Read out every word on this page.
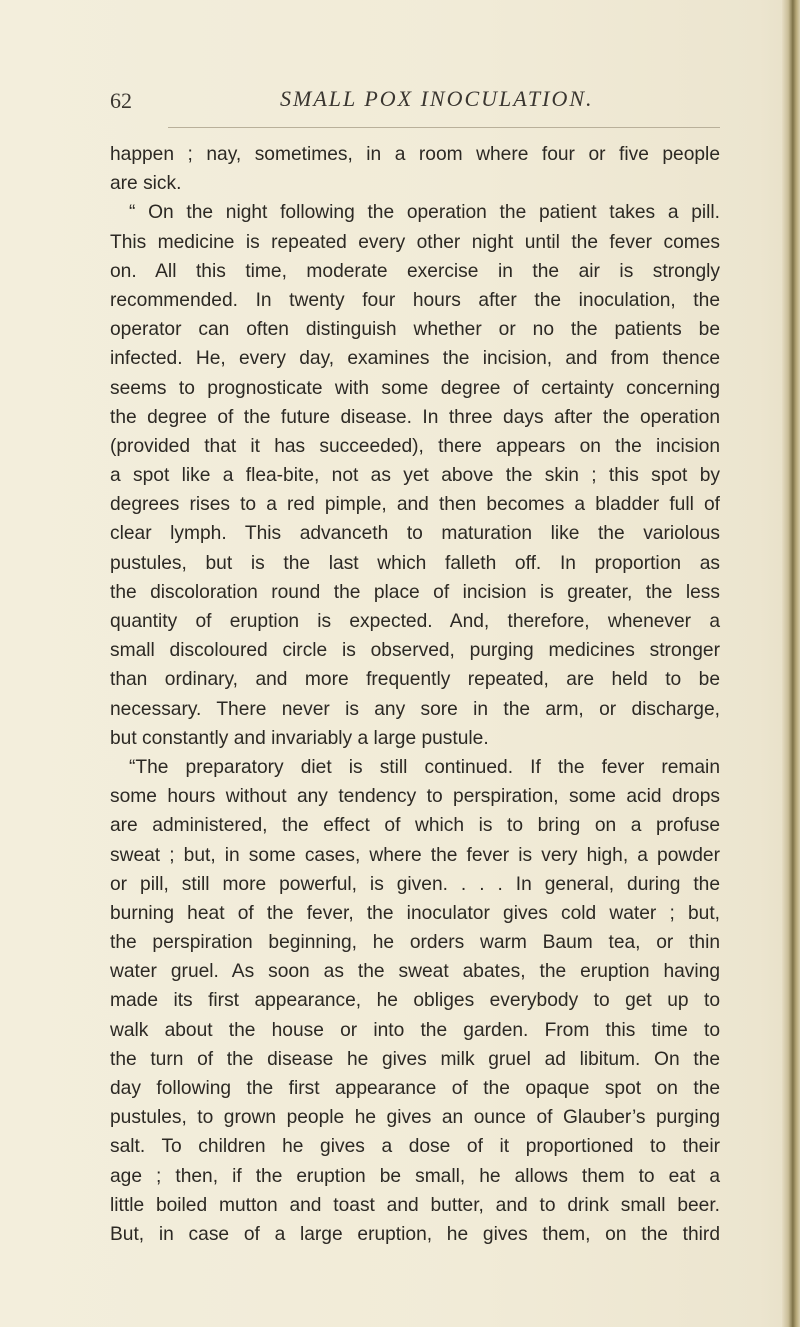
62	SMALL POX INOCULATION.
happen ; nay, sometimes, in a room where four or five people
are sick.
“ On the night following the operation the patient takes a pill.
This medicine is repeated every other night until the fever comes
on. All this time, moderate exercise in the air is strongly
recommended. In twenty four hours after the inoculation, the
operator can often distinguish whether or no the patients be
infected. He, every day, examines the incision, and from thence
seems to prognosticate with some degree of certainty concerning
the degree of the future disease. In three days after the operation
(provided that it has succeeded), there appears on the incision
a spot like a flea-bite, not as yet above the skin ; this spot by
degrees rises to a red pimple, and then becomes a bladder full of
clear lymph. This advanceth to maturation like the variolous
pustules, but is the last which falleth off. In proportion as
the discoloration round the place of incision is greater, the less
quantity of eruption is expected. And, therefore, whenever a
small discoloured circle is observed, purging medicines stronger
than ordinary, and more frequently repeated, are held to be
necessary. There never is any sore in the arm, or discharge,
but constantly and invariably a large pustule.
“The preparatory diet is still continued. If the fever remain
some hours without any tendency to perspiration, some acid drops
are administered, the effect of which is to bring on a profuse
sweat ; but, in some cases, where the fever is very high, a powder
or pill, still more powerful, is given. . . . In general, during the
burning heat of the fever, the inoculator gives cold water ; but,
the perspiration beginning, he orders warm Baum tea, or thin
water gruel. As soon as the sweat abates, the eruption having
made its first appearance, he obliges everybody to get up to
walk about the house or into the garden. From this time to
the turn of the disease he gives milk gruel ad libitum. On the
day following the first appearance of the opaque spot on the
pustules, to grown people he gives an ounce of Glauber’s purging
salt. To children he gives a dose of it proportioned to their
age ; then, if the eruption be small, he allows them to eat a
little boiled mutton and toast and butter, and to drink small beer.
But, in case of a large eruption, he gives them, on the third
